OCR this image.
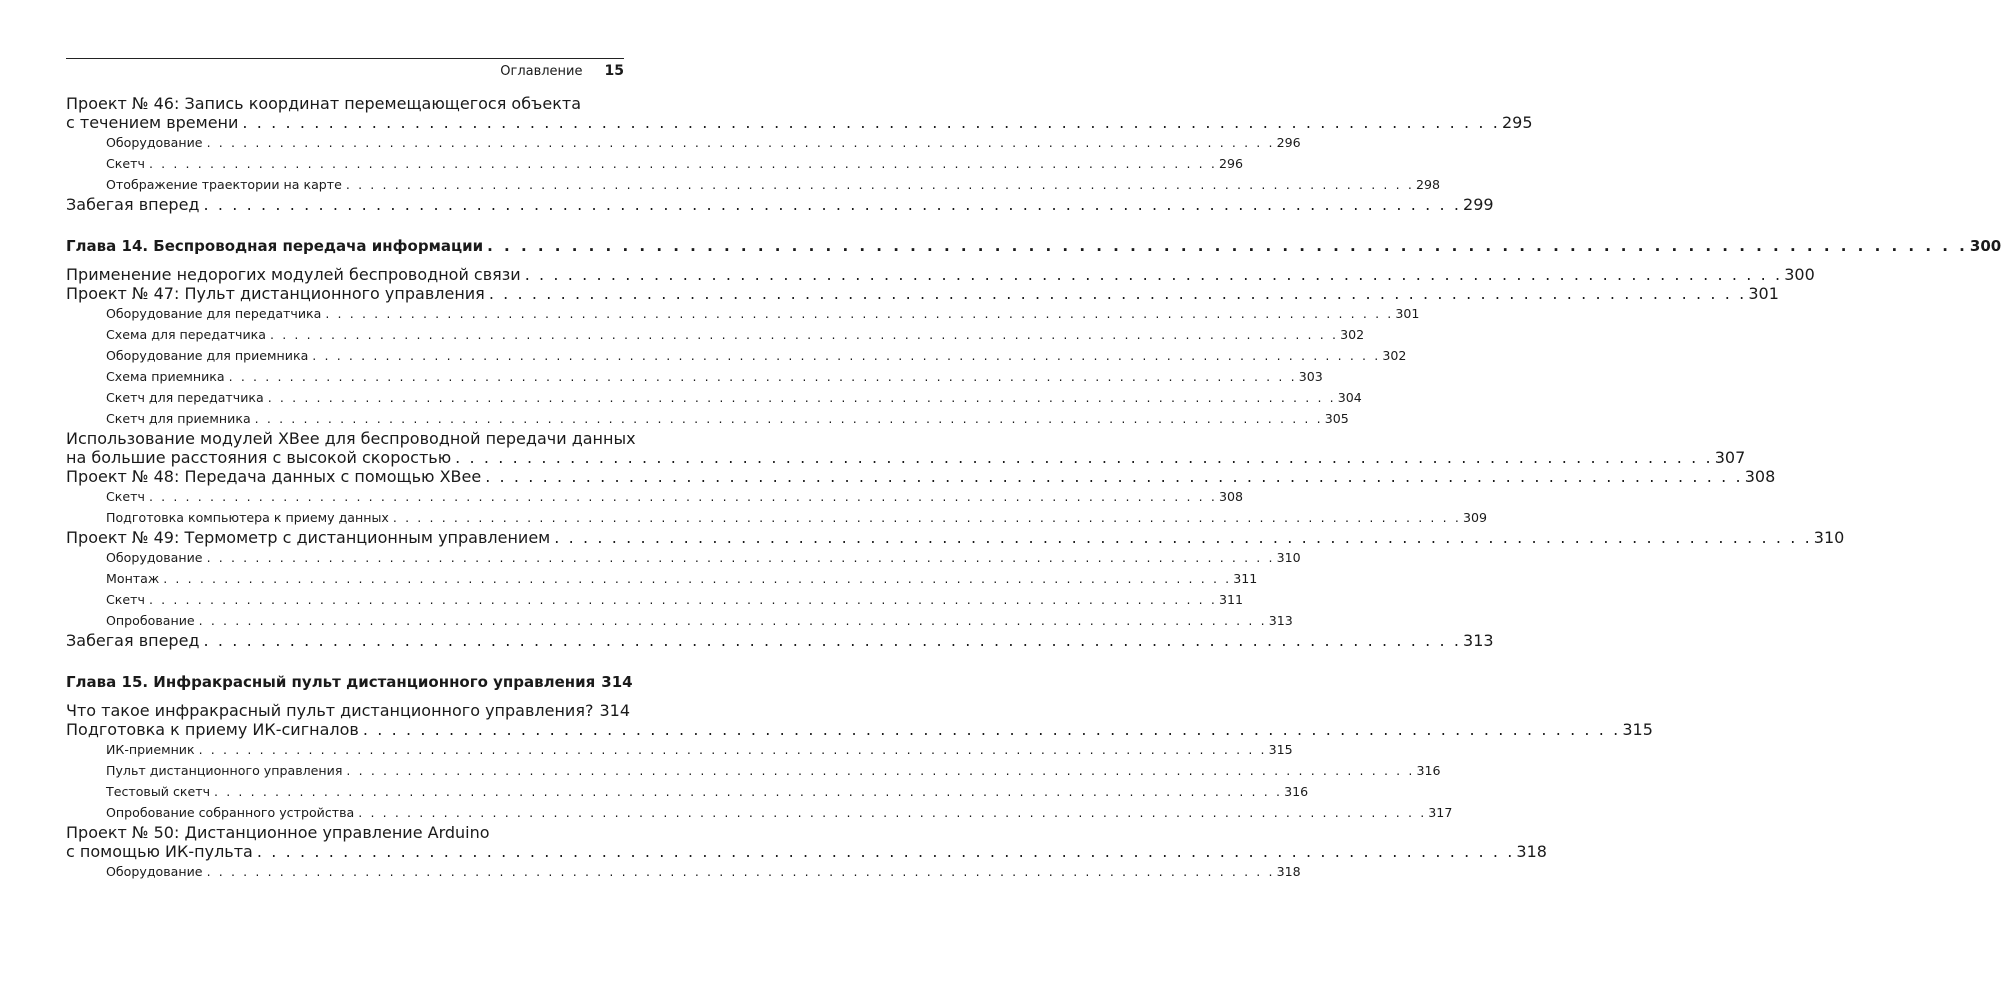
Оглавление 15
Проект № 46: Запись координат перемещающегося объекта
с течением времени . . .	295
Оборудование . . .	296
Скетч . . .	296
Отображение траектории на карте . . .	298
Забегая вперед . . .	299
Глава 14. Беспроводная передача информации . . .	300
Применение недорогих модулей беспроводной связи . . .	300
Проект № 47: Пульт дистанционного управления . . .	301
Оборудование для передатчика . . .	301
Схема для передатчика . . .	302
Оборудование для приемника . . .	302
Схема приемника . . .	303
Скетч для передатчика . . .	304
Скетч для приемника . . .	305
Использование модулей XBee для беспроводной передачи данных
на большие расстояния с высокой скоростью . . .	307
Проект № 48: Передача данных с помощью XBee . . .	308
Скетч . . .	308
Подготовка компьютера к приему данных . . .	309
Проект № 49: Термометр с дистанционным управлением . . .	310
Оборудование . . .	310
Монтаж . . .	311
Скетч . . .	311
Опробование . . .	313
Забегая вперед . . .	313
Глава 15. Инфракрасный пульт дистанционного управления 314
Что такое инфракрасный пульт дистанционного управления? 314
Подготовка к приему ИК-сигналов . . .	315
ИК-приемник . . .	315
Пульт дистанционного управления . . .	316
Тестовый скетч . . .	316
Опробование собранного устройства . . .	317
Проект № 50: Дистанционное управление Arduino
с помощью ИК-пульта . . .	318
Оборудование . . .	318
